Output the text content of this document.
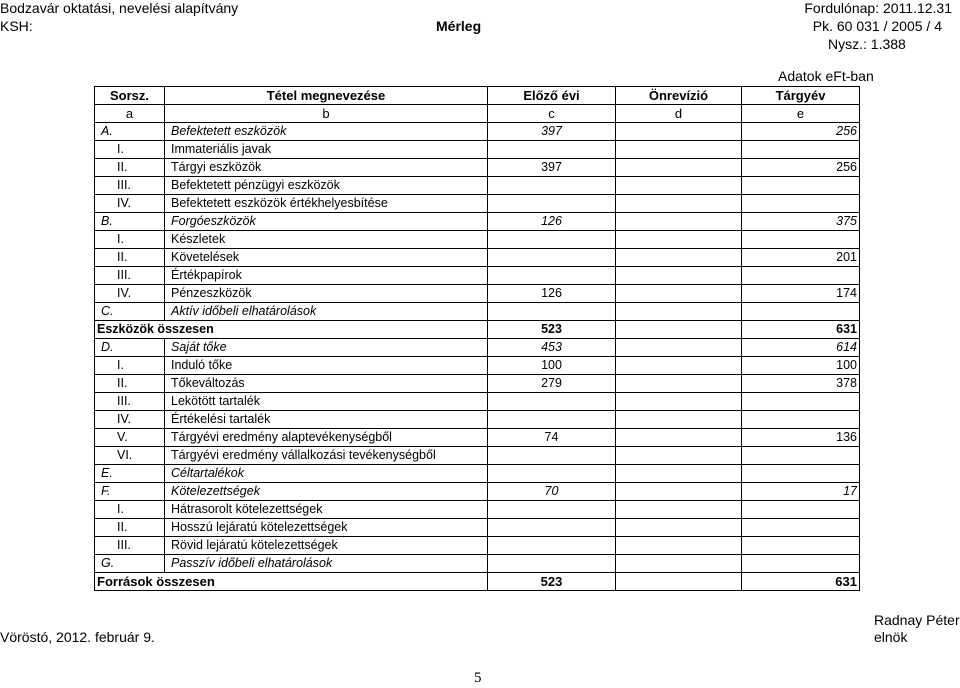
Bodzavár oktatási, nevelési alapítvány	Fordulónap: 2011.12.31
KSH:	Mérleg	Pk. 60 031 / 2005 / 4
Nysz.: 1.388
Adatok eFt-ban
Sorsz.	Tétel megnevezése	Előző évi	Önrevízió	Tárgyév
a	b	c	d	e
A.	Befektetett eszközök	397		256
I.	Immateriális javak			
II.	Tárgyi eszközök	397		256
III.	Befektetett pénzügyi eszközök			
IV.	Befektetett eszközök értékhelyesbítése			
B.	Forgóeszközök	126		375
I.	Készletek			
II.	Követelések			201
III.	Értékpapírok			
IV.	Pénzeszközök	126		174
C.	Aktív időbeli elhatárolások			
Eszközök összesen		523		631
D.	Saját tőke	453		614
I.	Induló tőke	100		100
II.	Tőkeváltozás	279		378
III.	Lekötött tartalék			
IV.	Értékelési tartalék			
V.	Tárgyévi eredmény alaptevékenységből	74		136
VI.	Tárgyévi eredmény vállalkozási tevékenységből			
E.	Céltartalékok			
F.	Kötelezettségek	70		17
I.	Hátrasorolt kötelezettségek			
II.	Hosszú lejáratú kötelezettségek			
III.	Rövid lejáratú kötelezettségek			
G.	Passzív időbeli elhatárolások			
Források összesen		523		631
Vöröstó, 2012. február 9.
Radnay Péter
elnök
5
